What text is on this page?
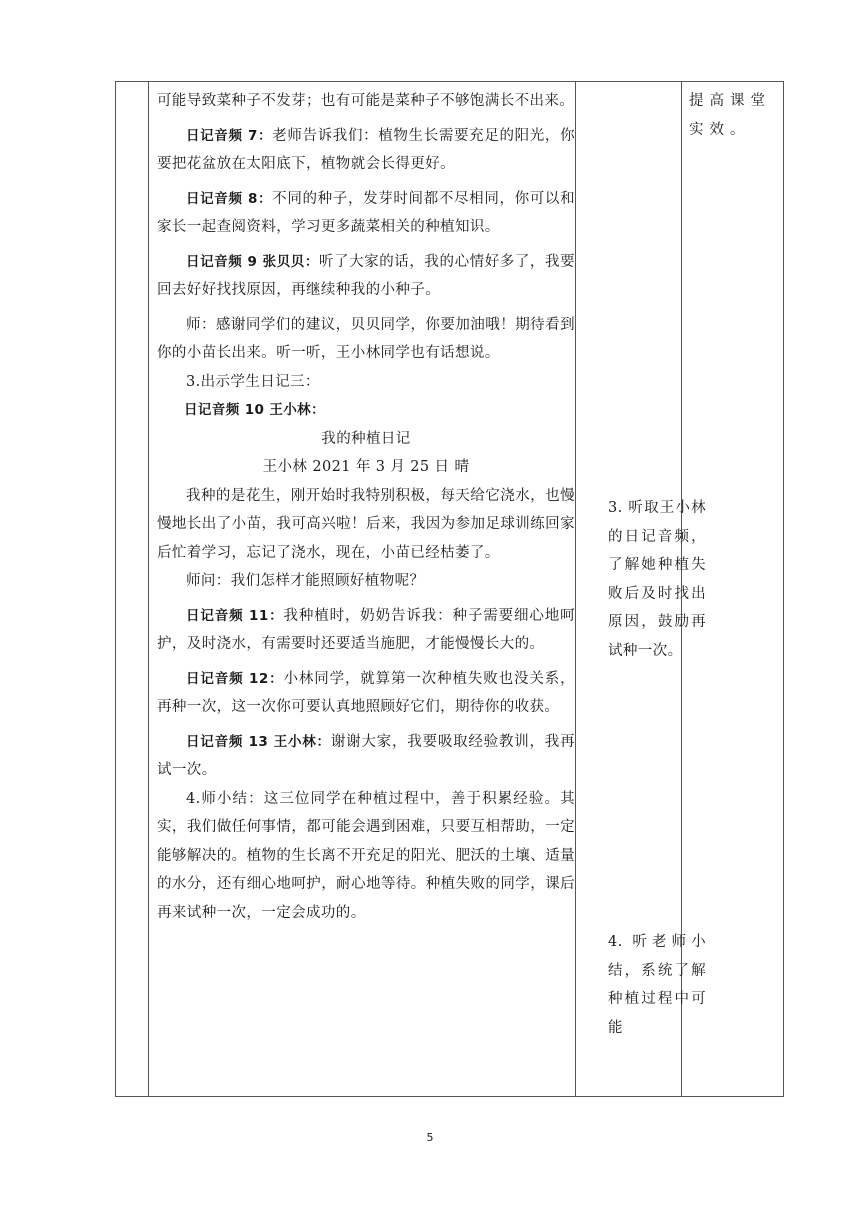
可能导致菜种子不发芽；也有可能是菜种子不够饱满长不出来。

日记音频 7：老师告诉我们：植物生长需要充足的阳光，你要把花盆放在太阳底下，植物就会长得更好。

日记音频 8：不同的种子，发芽时间都不尽相同，你可以和家长一起查阅资料，学习更多蔬菜相关的种植知识。

日记音频 9 张贝贝：听了大家的话，我的心情好多了，我要回去好好找找原因，再继续种我的小种子。

师：感谢同学们的建议，贝贝同学，你要加油哦！期待看到你的小苗长出来。听一听，王小林同学也有话想说。

3.出示学生日记三：

日记音频 10 王小林：

我的种植日记

王小林 2021 年 3 月 25 日 晴

我种的是花生，刚开始时我特别积极，每天给它浇水，也慢慢地长出了小苗，我可高兴啦！后来，我因为参加足球训练回家后忙着学习，忘记了浇水，现在，小苗已经枯萎了。

师问：我们怎样才能照顾好植物呢？

日记音频 11：我种植时，奶奶告诉我：种子需要细心地呵护，及时浇水，有需要时还要适当施肥，才能慢慢长大的。

日记音频 12：小林同学，就算第一次种植失败也没关系，再种一次，这一次你可要认真地照顾好它们，期待你的收获。

日记音频 13 王小林：谢谢大家，我要吸取经验教训，我再试一次。

4.师小结：这三位同学在种植过程中，善于积累经验。其实，我们做任何事情，都可能会遇到困难，只要互相帮助，一定能够解决的。植物的生长离不开充足的阳光、肥沃的土壤、适量的水分，还有细心地呵护，耐心地等待。种植失败的同学，课后再来试种一次，一定会成功的。

3. 听取王小林的日记音频，了解她种植失败后及时找出原因，鼓励再试种一次。

4. 听老师小结，系统了解种植过程中可能

提高课堂实效。

5
